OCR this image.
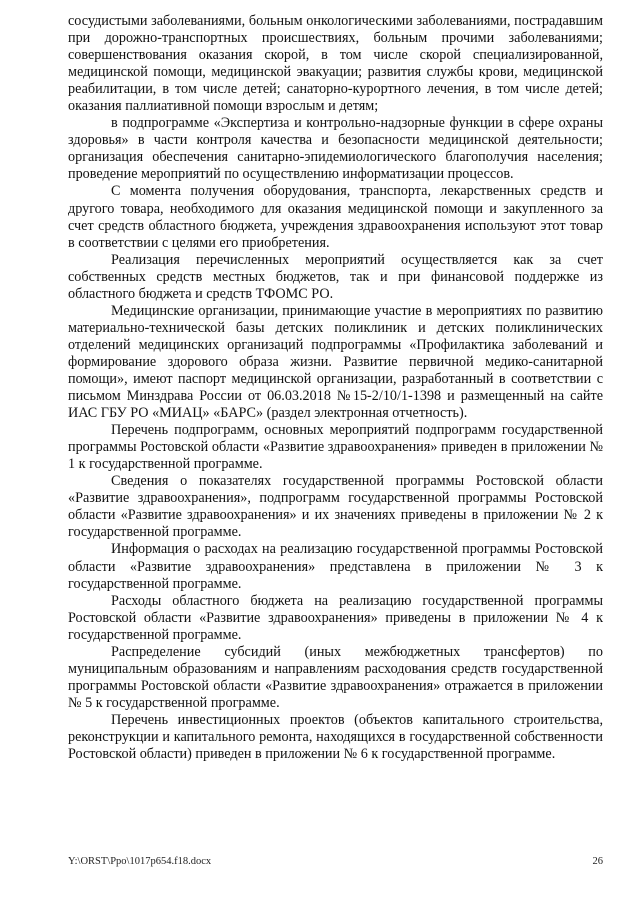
сосудистыми заболеваниями, больным онкологическими заболеваниями, пострадавшим при дорожно-транспортных происшествиях, больным прочими заболеваниями; совершенствования оказания скорой, в том числе скорой специализированной, медицинской помощи, медицинской эвакуации; развития службы крови, медицинской реабилитации, в том числе детей; санаторно-курортного лечения, в том числе детей; оказания паллиативной помощи взрослым и детям;

в подпрограмме «Экспертиза и контрольно-надзорные функции в сфере охраны здоровья» в части контроля качества и безопасности медицинской деятельности; организация обеспечения санитарно-эпидемиологического благополучия населения; проведение мероприятий по осуществлению информатизации процессов.

С момента получения оборудования, транспорта, лекарственных средств и другого товара, необходимого для оказания медицинской помощи и закупленного за счет средств областного бюджета, учреждения здравоохранения используют этот товар в соответствии с целями его приобретения.

Реализация перечисленных мероприятий осуществляется как за счет собственных средств местных бюджетов, так и при финансовой поддержке из областного бюджета и средств ТФОМС РО.

Медицинские организации, принимающие участие в мероприятиях по развитию материально-технической базы детских поликлиник и детских поликлинических отделений медицинских организаций подпрограммы «Профилактика заболеваний и формирование здорового образа жизни. Развитие первичной медико-санитарной помощи», имеют паспорт медицинской организации, разработанный в соответствии с письмом Минздрава России от 06.03.2018 №15-2/10/1-1398 и размещенный на сайте ИАС ГБУ РО «МИАЦ» «БАРС» (раздел электронная отчетность).

Перечень подпрограмм, основных мероприятий подпрограмм государственной программы Ростовской области «Развитие здравоохранения» приведен в приложении № 1 к государственной программе.

Сведения о показателях государственной программы Ростовской области «Развитие здравоохранения», подпрограмм государственной программы Ростовской области «Развитие здравоохранения» и их значениях приведены в приложении № 2 к государственной программе.

Информация о расходах на реализацию государственной программы Ростовской области «Развитие здравоохранения» представлена в приложении № 3 к государственной программе.

Расходы областного бюджета на реализацию государственной программы Ростовской области «Развитие здравоохранения» приведены в приложении № 4 к государственной программе.

Распределение субсидий (иных межбюджетных трансфертов) по муниципальным образованиям и направлениям расходования средств государственной программы Ростовской области «Развитие здравоохранения» отражается в приложении № 5 к государственной программе.

Перечень инвестиционных проектов (объектов капитального строительства, реконструкции и капитального ремонта, находящихся в государственной собственности Ростовской области) приведен в приложении № 6 к государственной программе.

Y:\ORST\Ppo\1017p654.f18.docx	26
